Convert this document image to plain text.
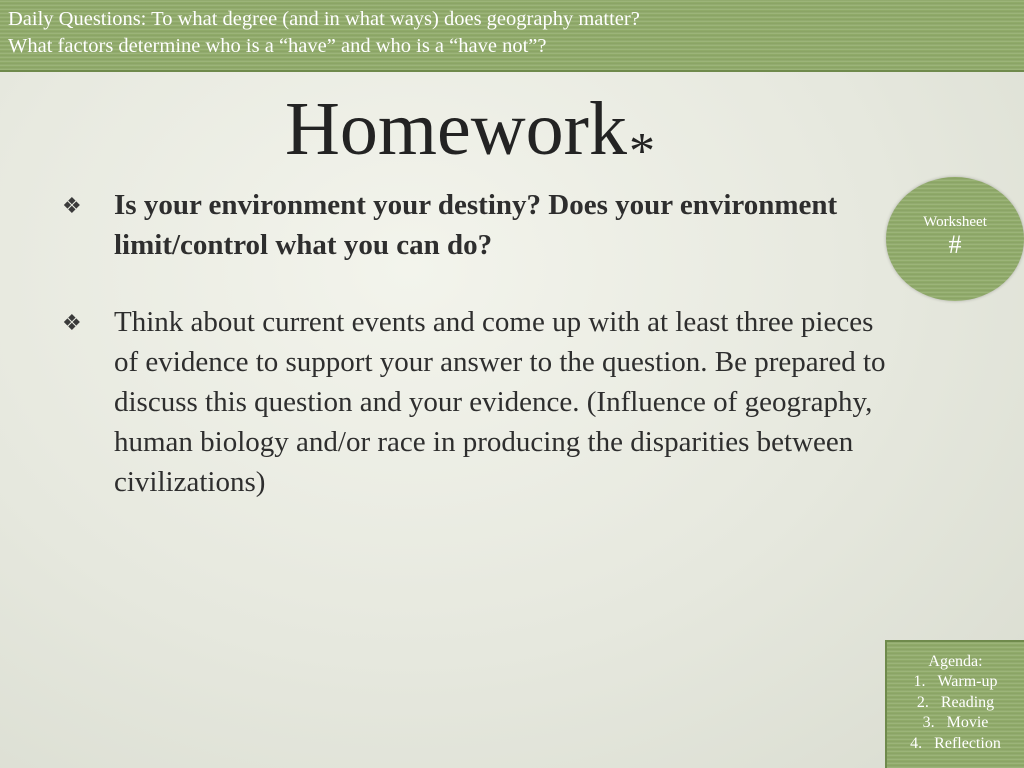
Daily Questions: To what degree (and in what ways) does geography matter?
What factors determine who is a “have” and who is a “have not”?
Homework*
❖	Is your environment your destiny? Does your environment limit/control what you can do?
❖	Think about current events and come up with at least three pieces of evidence to support your answer to the question. Be prepared to discuss this question and your evidence. (Influence of geography, human biology and/or race in producing the disparities between civilizations)
Worksheet
#
Agenda:
1. Warm-up
2. Reading
3. Movie
4. Reflection
